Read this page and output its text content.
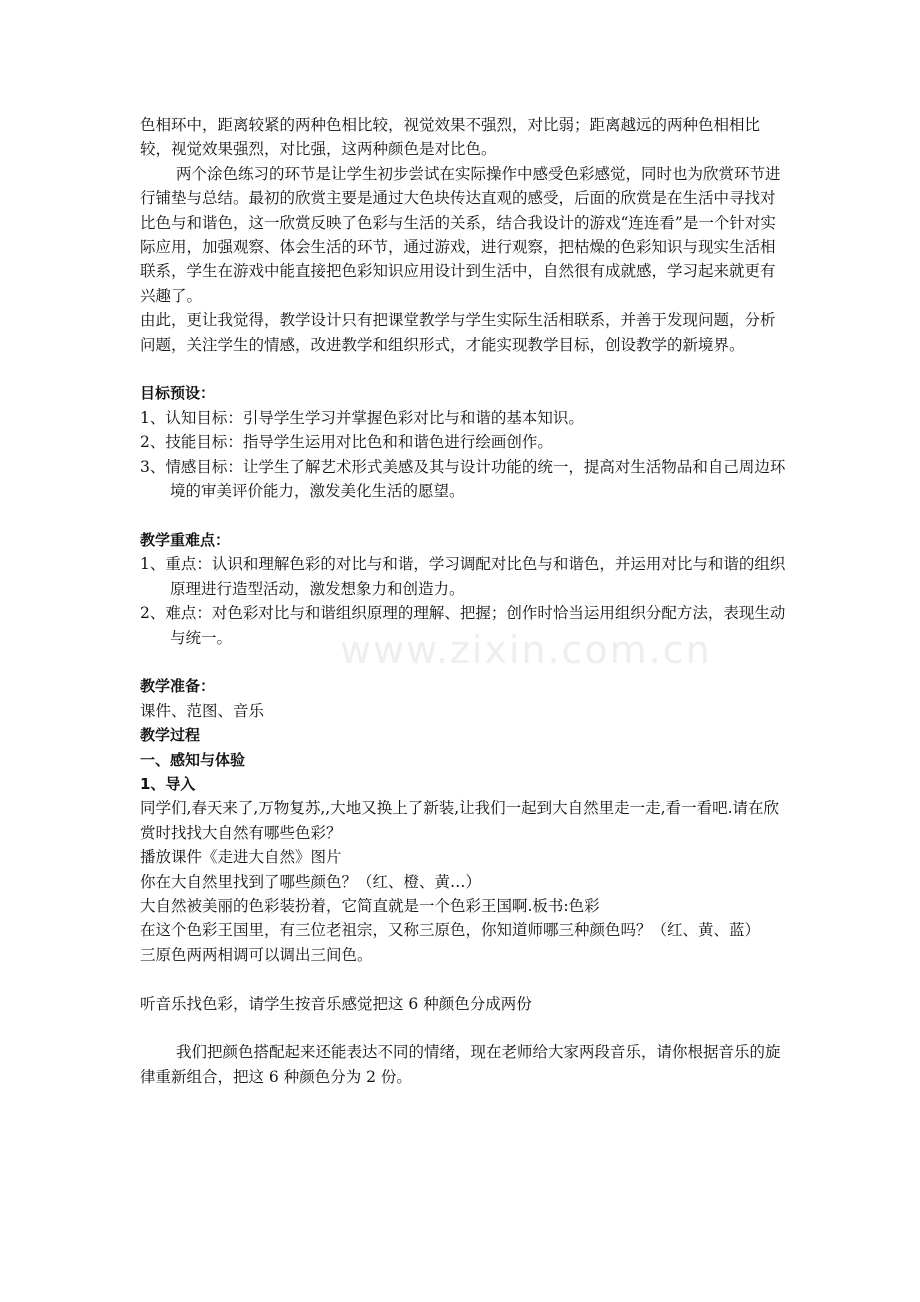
色相环中，距离较紧的两种色相比较，视觉效果不强烈，对比弱；距离越远的两种色相相比较，视觉效果强烈，对比强，这两种颜色是对比色。

两个涂色练习的环节是让学生初步尝试在实际操作中感受色彩感觉，同时也为欣赏环节进行铺垫与总结。最初的欣赏主要是通过大色块传达直观的感受，后面的欣赏是在生活中寻找对比色与和谐色，这一欣赏反映了色彩与生活的关系，结合我设计的游戏“连连看”是一个针对实际应用，加强观察、体会生活的环节，通过游戏，进行观察，把枯燥的色彩知识与现实生活相联系，学生在游戏中能直接把色彩知识应用设计到生活中，自然很有成就感，学习起来就更有兴趣了。

由此，更让我觉得，教学设计只有把课堂教学与学生实际生活相联系，并善于发现问题，分析问题，关注学生的情感，改进教学和组织形式，才能实现教学目标，创设教学的新境界。

目标预设：

1、认知目标：引导学生学习并掌握色彩对比与和谐的基本知识。

2、技能目标：指导学生运用对比色和和谐色进行绘画创作。

3、情感目标：让学生了解艺术形式美感及其与设计功能的统一，提高对生活物品和自己周边环境的审美评价能力，激发美化生活的愿望。

教学重难点：

1、重点：认识和理解色彩的对比与和谐，学习调配对比色与和谐色，并运用对比与和谐的组织原理进行造型活动，激发想象力和创造力。

2、难点：对色彩对比与和谐组织原理的理解、把握；创作时恰当运用组织分配方法，表现生动与统一。

教学准备：

课件、范图、音乐

教学过程

一、感知与体验

1、导入

同学们,春天来了,万物复苏,,大地又换上了新装,让我们一起到大自然里走一走,看一看吧.请在欣赏时找找大自然有哪些色彩？

播放课件《走进大自然》图片

你在大自然里找到了哪些颜色？（红、橙、黄…）

大自然被美丽的色彩装扮着，它简直就是一个色彩王国啊.板书:色彩

在这个色彩王国里，有三位老祖宗，又称三原色，你知道师哪三种颜色吗？（红、黄、蓝）

三原色两两相调可以调出三间色。

听音乐找色彩，请学生按音乐感觉把这 6 种颜色分成两份

我们把颜色搭配起来还能表达不同的情绪，现在老师给大家两段音乐，请你根据音乐的旋律重新组合，把这 6 种颜色分为 2 份。

www.zixin.com.cn
